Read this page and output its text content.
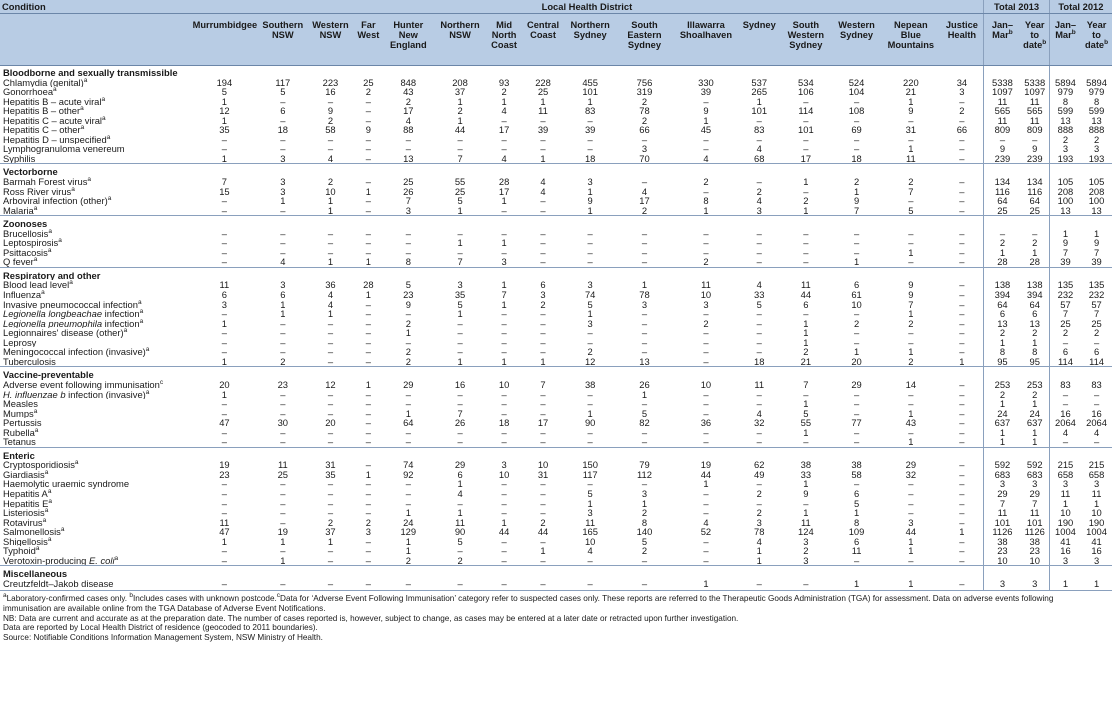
Condition	Local Health District																Total 2013		Total 2012	
	Murrumbidgee	Southern NSW	Western NSW	Far West	Hunter New England	Northern NSW	Mid North Coast	Central Coast	Northern Sydney	South Eastern Sydney	Illawarra Shoalhaven	Sydney	South Western Sydney	Western Sydney	Nepean Blue Mountains	Justice Health	Jan–Mar$^b$	Year to date$^b$	Jan–Mar$^b$	Year to date$^b$
Bloodborne and sexually transmissible																				
Chlamydia (genital)$^a$	194	117	223	25	848	208	93	228	455	756	330	537	534	524	220	34	5338	5338	5894	5894
Gonorrhoea$^a$	5	5	16	2	43	37	2	25	101	319	39	265	106	104	21	3	1097	1097	979	979
Hepatitis B – acute viral$^a$	1	–	–	–	2	1	1	1	1	2	–	1	–	–	1	–	11	11	8	8
Hepatitis B – other$^a$	12	6	9	–	17	2	4	11	83	78	9	101	114	108	9	2	565	565	599	599
Hepatitis C – acute viral$^a$	1	–	2	–	4	1	–	–	–	2	1	–	–	–	–	–	11	11	13	13
Hepatitis C – other$^a$	35	18	58	9	88	44	17	39	39	66	45	83	101	69	31	66	809	809	888	888
Hepatitis D – unspecified$^a$	–	–	–	–	–	–	–	–	–	–	–	–	–	–	–	–	–	–	2	2
Lymphogranuloma venereum	–	–	–	–	–	–	–	–	–	3	–	4	–	–	1	–	9	9	3	3
Syphilis	1	3	4	–	13	7	4	1	18	70	4	68	17	18	11	–	239	239	193	193
Vectorborne																				
Barmah Forest virus$^a$	7	3	2	–	25	55	28	4	3	–	2	–	1	2	2	–	134	134	105	105
Ross River virus$^a$	15	3	10	1	26	25	17	4	1	4	–	2	–	1	7	–	116	116	208	208
Arboviral infection (other)$^a$	–	1	1	–	7	5	1	–	9	17	8	4	2	9	–	–	64	64	100	100
Malaria$^a$	–	–	1	–	3	1	–	–	1	2	1	3	1	7	5	–	25	25	13	13
Zoonoses																				
Brucellosis$^a$	–	–	–	–	–	–	–	–	–	–	–	–	–	–	–	–	–	–	1	1
Leptospirosis$^a$	–	–	–	–	–	1	1	–	–	–	–	–	–	–	–	–	2	2	9	9
Psittacosis$^a$	–	–	–	–	–	–	–	–	–	–	–	–	–	–	1	–	1	1	7	7
Q fever$^a$	–	4	1	1	8	7	3	–	–	–	2	–	–	1	–	–	28	28	39	39
Respiratory and other																				
Blood lead level$^a$	11	3	36	28	5	3	1	6	3	1	11	4	11	6	9	–	138	138	135	135
Influenza$^a$	6	6	4	1	23	35	7	3	74	78	10	33	44	61	9	–	394	394	232	232
Invasive pneumococcal infection$^a$	3	1	4	–	9	5	1	2	5	3	3	5	6	10	7	–	64	64	57	57
Legionella longbeachae infection$^a$	–	1	1	–	–	1	–	–	1	–	–	–	–	–	1	–	6	6	7	7
Legionella pneumophila infection$^a$	1	–	–	–	2	–	–	–	3	–	2	–	1	2	2	–	13	13	25	25
Legionnaires' disease (other)$^a$	–	–	–	–	1	–	–	–	–	–	–	–	1	–	–	–	2	2	2	2
Leprosy	–	–	–	–	–	–	–	–	–	–	–	–	1	–	–	–	1	1	–	–
Meningococcal infection (invasive)$^a$	–	–	–	–	2	–	–	–	2	–	–	–	2	1	1	–	8	8	6	6
Tuberculosis	1	2	–	–	2	1	1	1	12	13	–	18	21	20	2	1	95	95	114	114
Vaccine-preventable																				
Adverse event following immunisation$^c$	20	23	12	1	29	16	10	7	38	26	10	11	7	29	14	–	253	253	83	83
H. influenzae b infection (invasive)$^a$	1	–	–	–	–	–	–	–	–	1	–	–	–	–	–	–	2	2	–	–
Measles	–	–	–	–	–	–	–	–	–	–	–	–	1	–	–	–	1	1	–	–
Mumps$^a$	–	–	–	–	1	7	–	–	1	5	–	4	5	–	1	–	24	24	16	16
Pertussis	47	30	20	–	64	26	18	17	90	82	36	32	55	77	43	–	637	637	2064	2064
Rubella$^a$	–	–	–	–	–	–	–	–	–	–	–	–	1	–	–	–	1	1	4	4
Tetanus	–	–	–	–	–	–	–	–	–	–	–	–	–	–	1	–	1	1	–	–
Enteric																				
Cryptosporidiosis$^a$	19	11	31	–	74	29	3	10	150	79	19	62	38	38	29	–	592	592	215	215
Giardiasis$^a$	23	25	35	1	92	6	10	31	117	112	44	49	33	58	32	–	683	683	658	658
Haemolytic uraemic syndrome	–	–	–	–	–	1	–	–	–	–	1	–	1	–	–	–	3	3	3	3
Hepatitis $A^a$	–	–	–	–	–	4	–	–	5	3	–	2	9	6	–	–	29	29	11	11
Hepatitis $E^a$	–	–	–	–	–	–	–	–	1	1	–	–	–	5	–	–	7	7	1	1
Listeriosis$^a$	–	–	–	–	1	1	–	–	3	2	–	2	1	1	–	–	11	11	10	10
Rotavirus$^a$	11	–	2	2	24	11	1	2	11	8	4	3	11	8	3	–	101	101	190	190
Salmonellosis$^a$	47	19	37	3	129	90	44	44	165	140	52	78	124	109	44	1	1126	1126	1004	1004
Shigellosis$^a$	1	1	1	–	1	5	–	–	10	5	–	4	3	6	1	–	38	38	41	41
Typhoid$^a$	–	–	–	–	1	–	–	1	4	2	–	1	2	11	1	–	23	23	16	16
Verotoxin-producing E. coli$^a$	–	1	–	–	2	2	–	–	–	–	–	1	3	–	–	–	10	10	3	3
Miscellaneous																				
Creutzfeldt–Jakob disease	–	–	–	–	–	–	–	–	–	–	1	–	–	1	1	–	3	3	1	1
$^a$Laboratory-confirmed cases only. $^b$Includes cases with unknown postcode.$^c$Data for ‘Adverse Event Following Immunisation’ category refer to suspected cases only. These reports are referred to the Therapeutic Goods Administration (TGA) for assessment. Data on adverse events following immunisation are available online from the TGA Database of Adverse Event Notifications.
NB: Data are current and accurate as at the preparation date. The number of cases reported is, however, subject to change, as cases may be entered at a later date or retracted upon further investigation.
Data are reported by Local Health District of residence (geocoded to 2011 boundaries).
Source: Notifiable Conditions Information Management System, NSW Ministry of Health.
